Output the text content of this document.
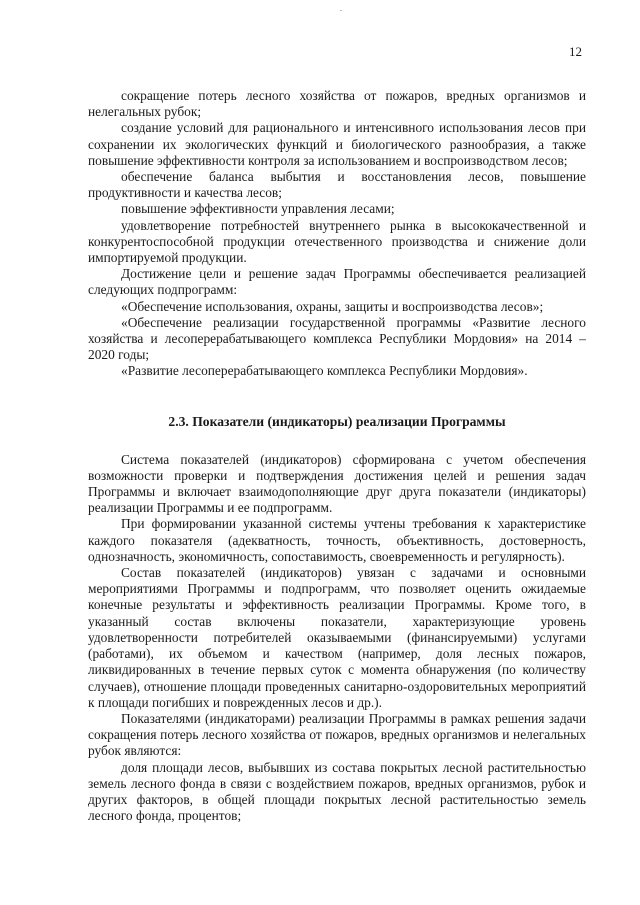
12

сокращение потерь лесного хозяйства от пожаров, вредных организмов и нелегальных рубок;

создание условий для рационального и интенсивного использования лесов при сохранении их экологических функций и биологического разнообразия, а также повышение эффективности контроля за использованием и воспроизводством лесов;

обеспечение баланса выбытия и восстановления лесов, повышение продуктивности и качества лесов;

повышение эффективности управления лесами;

удовлетворение потребностей внутреннего рынка в высококачественной и конкурентоспособной продукции отечественного производства и снижение доли импортируемой продукции.

Достижение цели и решение задач Программы обеспечивается реализацией следующих подпрограмм:

«Обеспечение использования, охраны, защиты и воспроизводства лесов»;

«Обеспечение реализации государственной программы «Развитие лесного хозяйства и лесоперерабатывающего комплекса Республики Мордовия» на 2014 – 2020 годы;

«Развитие лесоперерабатывающего комплекса Республики Мордовия».

2.3. Показатели (индикаторы) реализации Программы

Система показателей (индикаторов) сформирована с учетом обеспечения возможности проверки и подтверждения достижения целей и решения задач Программы и включает взаимодополняющие друг друга показатели (индикаторы) реализации Программы и ее подпрограмм.

При формировании указанной системы учтены требования к характеристике каждого показателя (адекватность, точность, объективность, достоверность, однозначность, экономичность, сопоставимость, своевременность и регулярность).

Состав показателей (индикаторов) увязан с задачами и основными мероприятиями Программы и подпрограмм, что позволяет оценить ожидаемые конечные результаты и эффективность реализации Программы. Кроме того, в указанный состав включены показатели, характеризующие уровень удовлетворенности потребителей оказываемыми (финансируемыми) услугами (работами), их объемом и качеством (например, доля лесных пожаров, ликвидированных в течение первых суток с момента обнаружения (по количеству случаев), отношение площади проведенных санитарно-оздоровительных мероприятий к площади погибших и поврежденных лесов и др.).

Показателями (индикаторами) реализации Программы в рамках решения задачи сокращения потерь лесного хозяйства от пожаров, вредных организмов и нелегальных рубок являются:

доля площади лесов, выбывших из состава покрытых лесной растительностью земель лесного фонда в связи с воздействием пожаров, вредных организмов, рубок и других факторов, в общей площади покрытых лесной растительностью земель лесного фонда, процентов;
